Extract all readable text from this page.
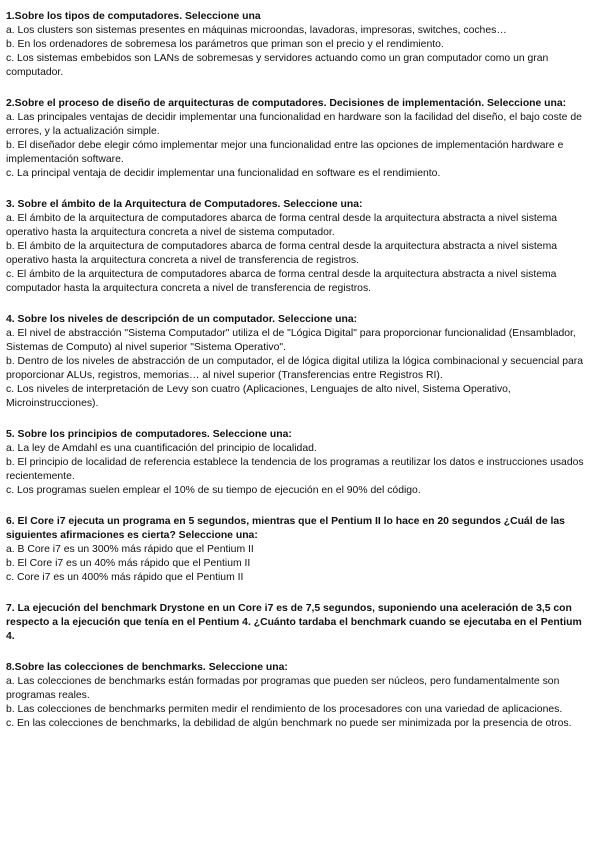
1.Sobre los tipos de computadores. Seleccione una

a. Los clusters son sistemas presentes en máquinas microondas, lavadoras, impresoras, switches, coches…

b. En los ordenadores de sobremesa los parámetros que priman son el precio y el rendimiento.

c. Los sistemas embebidos son LANs de sobremesas y servidores actuando como un gran computador como un gran computador.

2.Sobre el proceso de diseño de arquitecturas de computadores. Decisiones de implementación. Seleccione una:

a. Las principales ventajas de decidir implementar una funcionalidad en hardware son la facilidad del diseño, el bajo coste de errores, y la actualización simple.

b. El diseñador debe elegir cómo implementar mejor una funcionalidad entre las opciones de implementación hardware e implementación software.

c. La principal ventaja de decidir implementar una funcionalidad en software es el rendimiento.

3. Sobre el ámbito de la Arquitectura de Computadores. Seleccione una:

a. El ámbito de la arquitectura de computadores abarca de forma central desde la arquitectura abstracta a nivel sistema operativo hasta la arquitectura concreta a nivel de sistema computador.

b. El ámbito de la arquitectura de computadores abarca de forma central desde la arquitectura abstracta a nivel sistema operativo hasta la arquitectura concreta a nivel de transferencia de registros.

c. El ámbito de la arquitectura de computadores abarca de forma central desde la arquitectura abstracta a nivel sistema computador hasta la arquitectura concreta a nivel de transferencia de registros.

4. Sobre los niveles de descripción de un computador. Seleccione una:

a. El nivel de abstracción "Sistema Computador" utiliza el de "Lógica Digital" para proporcionar funcionalidad (Ensamblador, Sistemas de Computo) al nivel superior "Sistema Operativo".

b. Dentro de los niveles de abstracción de un computador, el de lógica digital utiliza la lógica combinacional y secuencial para proporcionar ALUs, registros, memorias… al nivel superior (Transferencias entre Registros RI).

c. Los niveles de interpretación de Levy son cuatro (Aplicaciones, Lenguajes de alto nivel, Sistema Operativo, Microinstrucciones).

5. Sobre los principios de computadores. Seleccione una:

a. La ley de Amdahl es una cuantificación del principio de localidad.

b. El principio de localidad de referencia establece la tendencia de los programas a reutilizar los datos e instrucciones usados recientemente.

c. Los programas suelen emplear el 10% de su tiempo de ejecución en el 90% del código.

6. El Core i7 ejecuta un programa en 5 segundos, mientras que el Pentium II lo hace en 20 segundos ¿Cuál de las siguientes afirmaciones es cierta? Seleccione una:

a. B Core i7 es un 300% más rápido que el Pentium II

b. El Core i7 es un 40% más rápido que el Pentium II

c. Core i7 es un 400% más rápido que el Pentium II

7. La ejecución del benchmark Drystone en un Core i7 es de 7,5 segundos, suponiendo una aceleración de 3,5 con respecto a la ejecución que tenía en el Pentium 4. ¿Cuánto tardaba el benchmark cuando se ejecutaba en el Pentium 4.

8.Sobre las colecciones de benchmarks. Seleccione una:

a. Las colecciones de benchmarks están formadas por programas que pueden ser núcleos, pero fundamentalmente son programas reales.

b. Las colecciones de benchmarks permiten medir el rendimiento de los procesadores con una variedad de aplicaciones.

c. En las colecciones de benchmarks, la debilidad de algún benchmark no puede ser minimizada por la presencia de otros.
